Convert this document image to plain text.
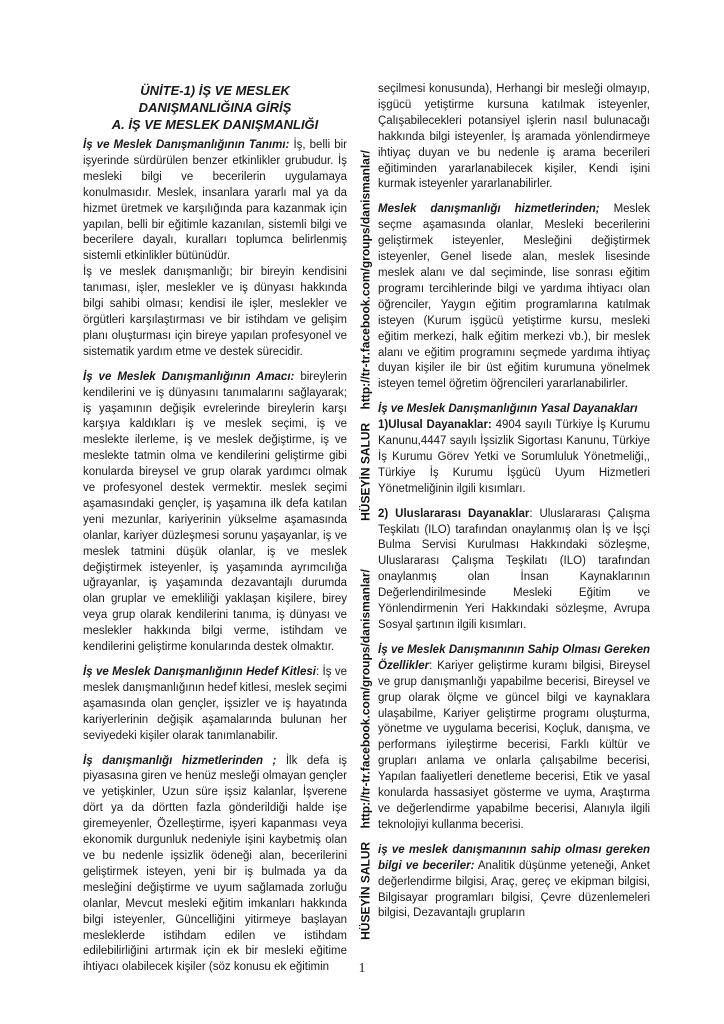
ÜNİTE-1) İŞ VE MESLEK DANIŞMANLIĞINA GİRİŞ
A. İŞ VE MESLEK DANIŞMANLIĞI

İş ve Meslek Danışmanlığının Tanımı: İş, belli bir işyerinde sürdürülen benzer etkinlikler grubudur. İş mesleki bilgi ve becerilerin uygulamaya konulmasıdır. Meslek, insanlara yararlı mal ya da hizmet üretmek ve karşılığında para kazanmak için yapılan, belli bir eğitimle kazanılan, sistemli bilgi ve becerilere dayalı, kuralları toplumca belirlenmiş sistemli etkinlikler bütünüdür.

İş ve meslek danışmanlığı; bir bireyin kendisini tanıması, işler, meslekler ve iş dünyası hakkında bilgi sahibi olması; kendisi ile işler, meslekler ve örgütleri karşılaştırması ve bir istihdam ve gelişim planı oluşturması için bireye yapılan profesyonel ve sistematik yardım etme ve destek sürecidir.

İş ve Meslek Danışmanlığının Amacı: bireylerin kendilerini ve iş dünyasını tanımalarını sağlayarak; iş yaşamının değişik evrelerinde bireylerin karşı karşıya kaldıkları iş ve meslek seçimi, iş ve meslekte ilerleme, iş ve meslek değiştirme, iş ve meslekte tatmin olma ve kendilerini geliştirme gibi konularda bireysel ve grup olarak yardımcı olmak ve profesyonel destek vermektir. meslek seçimi aşamasındaki gençler, iş yaşamına ilk defa katılan yeni mezunlar, kariyerinin yükselme aşamasında olanlar, kariyer düzleşmesi sorunu yaşayanlar, iş ve meslek tatmini düşük olanlar, iş ve meslek değiştirmek isteyenler, iş yaşamında ayrımcılığa uğrayanlar, iş yaşamında dezavantajlı durumda olan gruplar ve emekliliği yaklaşan kişilere, birey veya grup olarak kendilerini tanıma, iş dünyası ve meslekler hakkında bilgi verme, istihdam ve kendilerini geliştirme konularında destek olmaktır.

İş ve Meslek Danışmanlığının Hedef Kitlesi: İş ve meslek danışmanlığının hedef kitlesi, meslek seçimi aşamasında olan gençler, işsizler ve iş hayatında kariyerlerinin değişik aşamalarında bulunan her seviyedeki kişiler olarak tanımlanabilir.

İş danışmanlığı hizmetlerinden ; İlk defa iş piyasasına giren ve henüz mesleği olmayan gençler ve yetişkinler, Uzun süre işsiz kalanlar, İşverene dört ya da dörtten fazla gönderildiği halde işe giremeyenler, Özelleştirme, işyeri kapanması veya ekonomik durgunluk nedeniyle işini kaybetmiş olan ve bu nedenle işsizlik ödeneği alan, becerilerini geliştirmek isteyen, yeni bir iş bulmada ya da mesleğini değiştirme ve uyum sağlamada zorluğu olanlar, Mevcut mesleki eğitim imkanları hakkında bilgi isteyenler, Güncelliğini yitirmeye başlayan mesleklerde istihdam edilen ve istihdam edilebilirliğini artırmak için ek bir mesleki eğitime ihtiyacı olabilecek kişiler (söz konusu ek eğitimin

HÜSEYİN SALUR    http://tr-tr.facebook.com/groups/danismanlar/
HÜSEYİN SALUR    http://tr-tr.facebook.com/groups/danismanlar/

seçilmesi konusunda), Herhangi bir mesleği olmayıp, işgücü yetiştirme kursuna katılmak isteyenler, Çalışabilecekleri potansiyel işlerin nasıl bulunacağı hakkında bilgi isteyenler, İş aramada yönlendirmeye ihtiyaç duyan ve bu nedenle iş arama becerileri eğitiminden yararlanabilecek kişiler, Kendi işini kurmak isteyenler yararlanabilirler.

Meslek danışmanlığı hizmetlerinden; Meslek seçme aşamasında olanlar, Mesleki becerilerini geliştirmek isteyenler, Mesleğini değiştirmek isteyenler, Genel lisede alan, meslek lisesinde meslek alanı ve dal seçiminde, lise sonrası eğitim programı tercihlerinde bilgi ve yardıma ihtiyacı olan öğrenciler, Yaygın eğitim programlarına katılmak isteyen (Kurum işgücü yetiştirme kursu, mesleki eğitim merkezi, halk eğitim merkezi vb.), bir meslek alanı ve eğitim programını seçmede yardıma ihtiyaç duyan kişiler ile bir üst eğitim kurumuna yönelmek isteyen temel öğretim öğrencileri yararlanabilirler.

İş ve Meslek Danışmanlığının Yasal Dayanakları

1)Ulusal Dayanaklar: 4904 sayılı Türkiye İş Kurumu Kanunu,4447 sayılı İşsizlik Sigortası Kanunu, Türkiye İş Kurumu Görev Yetki ve Sorumluluk Yönetmeliği,, Türkiye İş Kurumu İşgücü Uyum Hizmetleri Yönetmeliğinin ilgili kısımları.

2) Uluslararası Dayanaklar: Uluslararası Çalışma Teşkilatı (ILO) tarafından onaylanmış olan İş ve İşçi Bulma Servisi Kurulması Hakkındaki sözleşme, Uluslararası Çalışma Teşkilatı (ILO) tarafından onaylanmış olan İnsan Kaynaklarının Değerlendirilmesinde Mesleki Eğitim ve Yönlendirmenin Yeri Hakkındaki sözleşme, Avrupa Sosyal şartının ilgili kısımları.

İş ve Meslek Danışmanının Sahip Olması Gereken Özellikler: Kariyer geliştirme kuramı bilgisi, Bireysel ve grup danışmanlığı yapabilme becerisi, Bireysel ve grup olarak ölçme ve güncel bilgi ve kaynaklara ulaşabilme, Kariyer geliştirme programı oluşturma, yönetme ve uygulama becerisi, Koçluk, danışma, ve performans iyileştirme becerisi, Farklı kültür ve grupları anlama ve onlarla çalışabilme becerisi, Yapılan faaliyetleri denetleme becerisi, Etik ve yasal konularda hassasiyet gösterme ve uyma, Araştırma ve değerlendirme yapabilme becerisi, Alanıyla ilgili teknolojiyi kullanma becerisi.

iş ve meslek danışmanının sahip olması gereken bilgi ve beceriler: Analitik düşünme yeteneği, Anket değerlendirme bilgisi, Araç, gereç ve ekipman bilgisi, Bilgisayar programları bilgisi, Çevre düzenlemeleri bilgisi, Dezavantajlı grupların

1
